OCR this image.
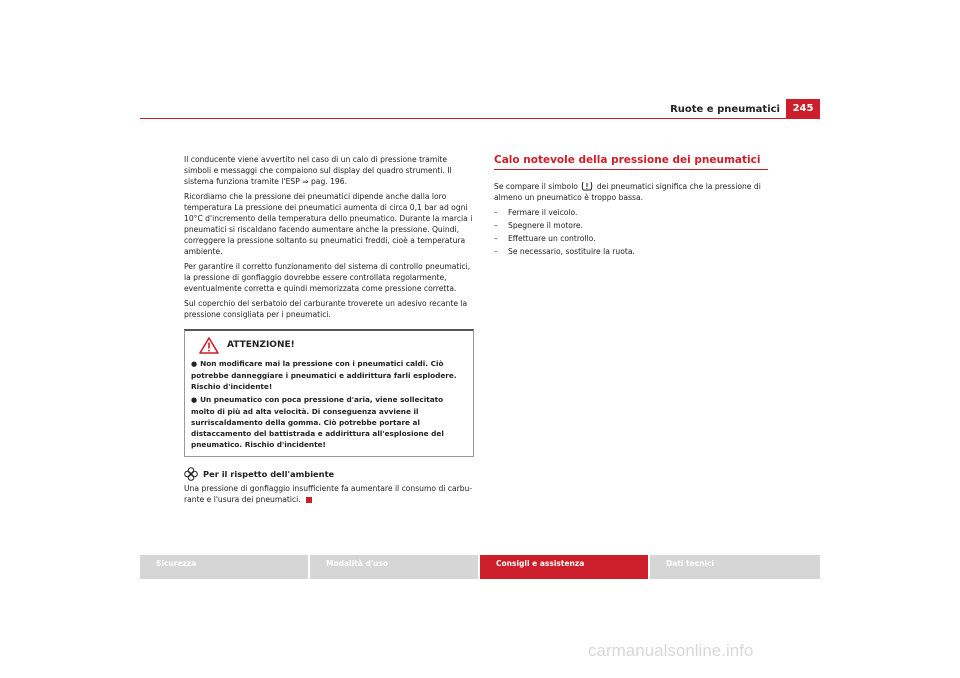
Ruote e pneumatici	245

Il conducente viene avvertito nel caso di un calo di pressione tramite simboli e messaggi che compaiono sul display del quadro strumenti. Il sistema funziona tramite l'ESP ⇒ pag. 196.

Ricordiamo che la pressione dei pneumatici dipende anche dalla loro temperatura La pressione dei pneumatici aumenta di circa 0,1 bar ad ogni 10°C d'incremento della temperatura dello pneumatico. Durante la marcia i pneumatici si riscaldano facendo aumentare anche la pressione. Quindi, correggere la pressione soltanto su pneumatici freddi, cioè a temperatura ambiente.

Per garantire il corretto funzionamento del sistema di controllo pneumatici, la pressione di gonfiaggio dovrebbe essere controllata regolarmente, eventualmente corretta e quindi memorizzata come pressione corretta.

Sul coperchio del serbatoio del carburante troverete un adesivo recante la pressione consigliata per i pneumatici.

ATTENZIONE!
● Non modificare mai la pressione con i pneumatici caldi. Ciò potrebbe danneggiare i pneumatici e addirittura farli esplodere. Rischio d'incidente!
● Un pneumatico con poca pressione d'aria, viene sollecitato molto di più ad alta velocità. Di conseguenza avviene il surriscaldamento della gomma. Ciò potrebbe portare al distaccamento del battistrada e addirittura all'esplosione del pneumatico. Rischio d'incidente!
Per il rispetto dell'ambiente

Una pressione di gonfiaggio insufficiente fa aumentare il consumo di carburante e l'usura dei pneumatici.

Calo notevole della pressione dei pneumatici

Se compare il simbolo dei pneumatici significa che la pressione di almeno un pneumatico è troppo bassa.

–	Fermare il veicolo.
–	Spegnere il motore.
–	Effettuare un controllo.
–	Se necessario, sostituire la ruota.
Sicurezza	Modalità d'uso	Consigli e assistenza	Dati tecnici
carmanualsonline.info
